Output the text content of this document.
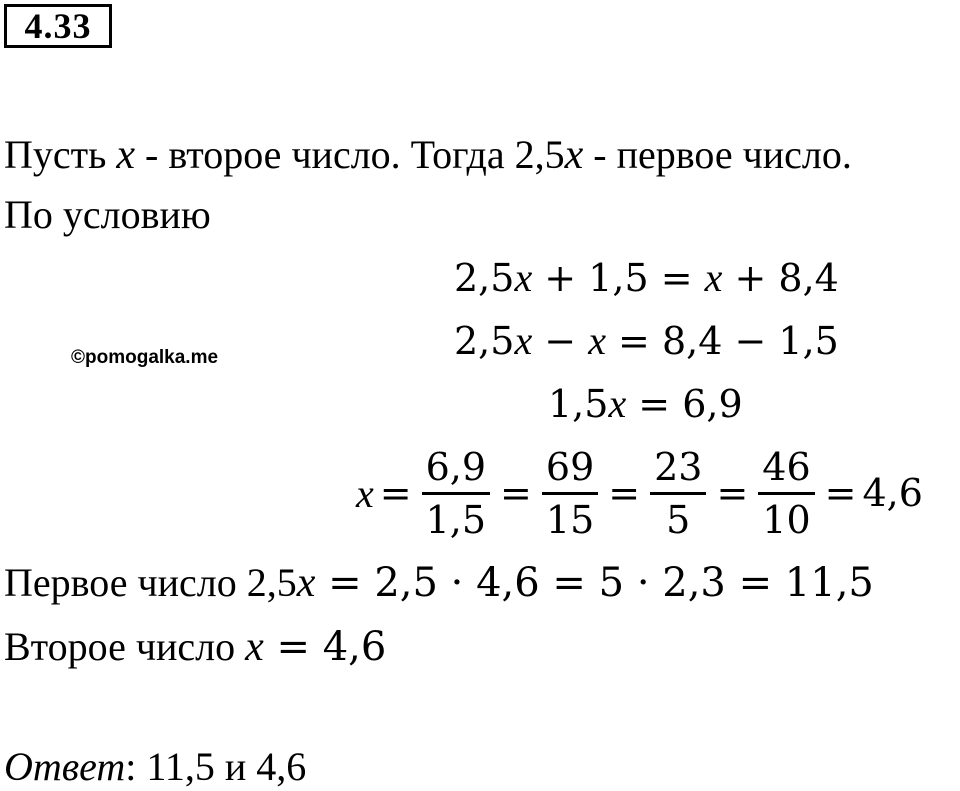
4.33
Пусть x - второе число. Тогда 2,5x - первое число.
По условию
©pomogalka.me
2,5x + 1,5 = x + 8,4
2,5x − x = 8,4 − 1,5
1,5x = 6,9
$x = \frac{6,9}{1,5} = \frac{69}{15} = \frac{23}{5} = \frac{46}{10} = 4,6$
Первое число 2,5x = 2,5 · 4,6 = 5 · 2,3 = 11,5
Второе число x = 4,6
Ответ: 11,5 и 4,6
